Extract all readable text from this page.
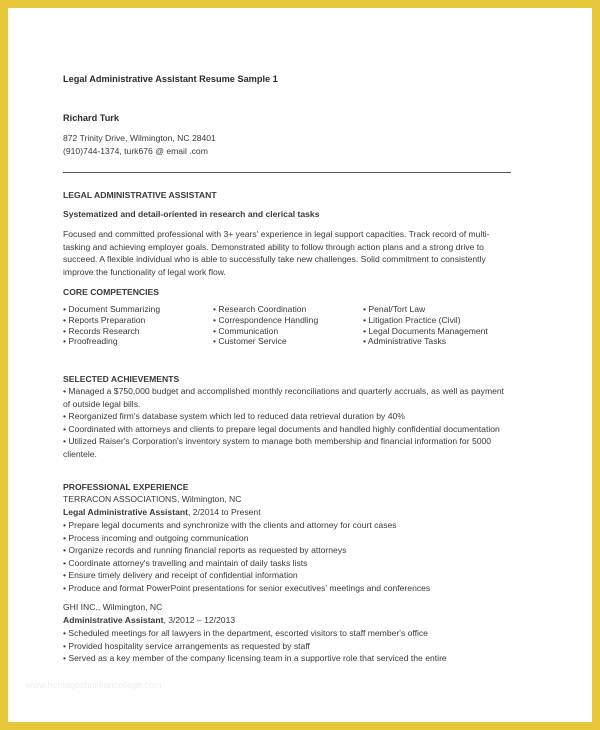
Legal Administrative Assistant Resume Sample 1
Richard Turk
872 Trinity Drive, Wilmington, NC 28401
(910)744-1374, turk676 @ email .com
LEGAL ADMINISTRATIVE ASSISTANT
Systematized and detail-oriented in research and clerical tasks
Focused and committed professional with 3+ years' experience in legal support capacities. Track record of multi-tasking and achieving employer goals. Demonstrated ability to follow through action plans and a strong drive to succeed. A flexible individual who is able to successfully take new challenges. Solid commitment to consistently improve the functionality of legal work flow.
CORE COMPETENCIES
• Document Summarizing
• Reports Preparation
• Records Research
• Proofreading
• Research Coordination
• Correspondence Handling
• Communication
• Customer Service
• Penal/Tort Law
• Litigation Practice (Civil)
• Legal Documents Management
• Administrative Tasks
SELECTED ACHIEVEMENTS
• Managed a $750,000 budget and accomplished monthly reconciliations and quarterly accruals, as well as payment of outside legal bills.
• Reorganized firm's database system which led to reduced data retrieval duration by 40%
• Coordinated with attorneys and clients to prepare legal documents and handled highly confidential documentation
• Utilized Raiser's Corporation's inventory system to manage both membership and financial information for 5000 clientele.
PROFESSIONAL EXPERIENCE
TERRACON ASSOCIATIONS, Wilmington, NC
Legal Administrative Assistant, 2/2014 to Present
• Prepare legal documents and synchronize with the clients and attorney for court cases
• Process incoming and outgoing communication
• Organize records and running financial reports as requested by attorneys
• Coordinate attorney's travelling and maintain of daily tasks lists
• Ensure timely delivery and receipt of confidential information
• Produce and format PowerPoint presentations for senior executives' meetings and conferences
GHI INC., Wilmington, NC
Administrative Assistant, 3/2012 – 12/2013
• Scheduled meetings for all lawyers in the department, escorted visitors to staff member's office
• Provided hospitality service arrangements as requested by staff
• Served as a key member of the company licensing team in a supportive role that serviced the entire
www.heritagechristiancollege.com
